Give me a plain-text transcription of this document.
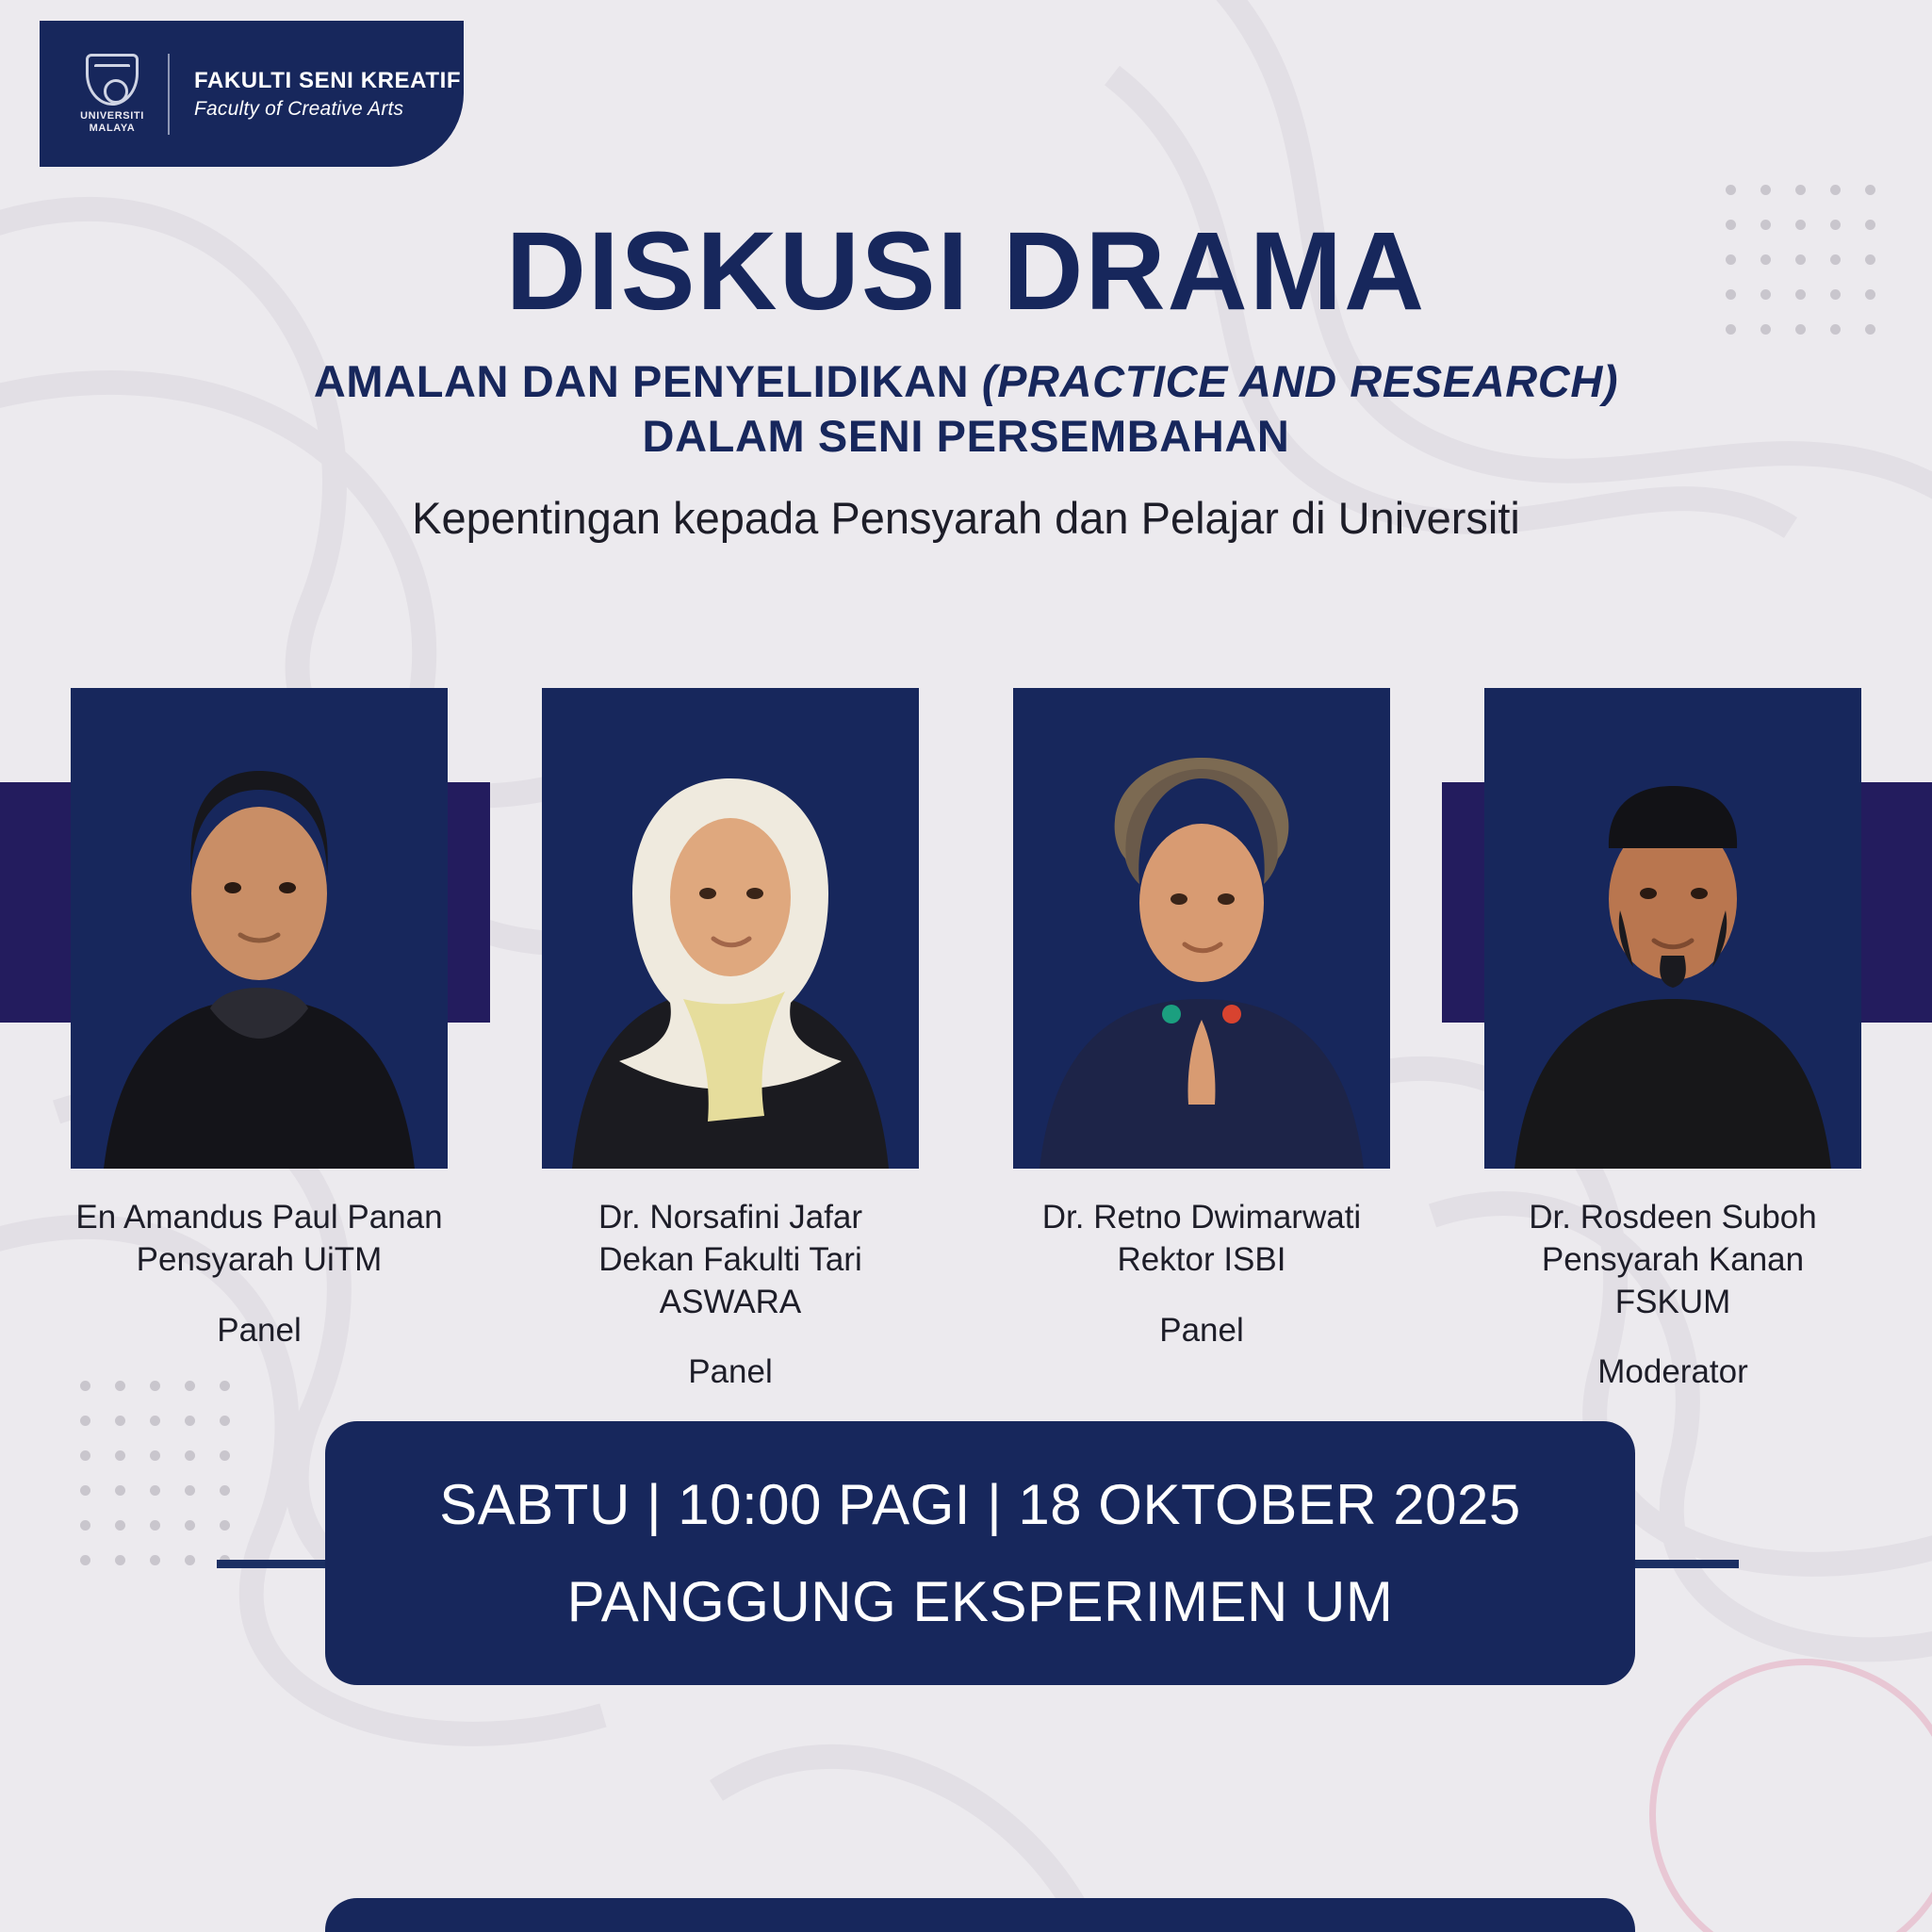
UNIVERSITI
MALAYA
FAKULTI SENI KREATIF
Faculty of Creative Arts
DISKUSI DRAMA
AMALAN DAN PENYELIDIKAN (PRACTICE AND RESEARCH)
DALAM SENI PERSEMBAHAN
Kepentingan kepada Pensyarah dan Pelajar di Universiti
En Amandus Paul Panan
Pensyarah UiTM
Panel
Dr. Norsafini Jafar
Dekan Fakulti Tari ASWARA
Panel
Dr. Retno Dwimarwati
Rektor ISBI
Panel
Dr. Rosdeen Suboh
Pensyarah Kanan FSKUM
Moderator
SABTU | 10:00 PAGI | 18 OKTOBER 2025
PANGGUNG EKSPERIMEN UM
